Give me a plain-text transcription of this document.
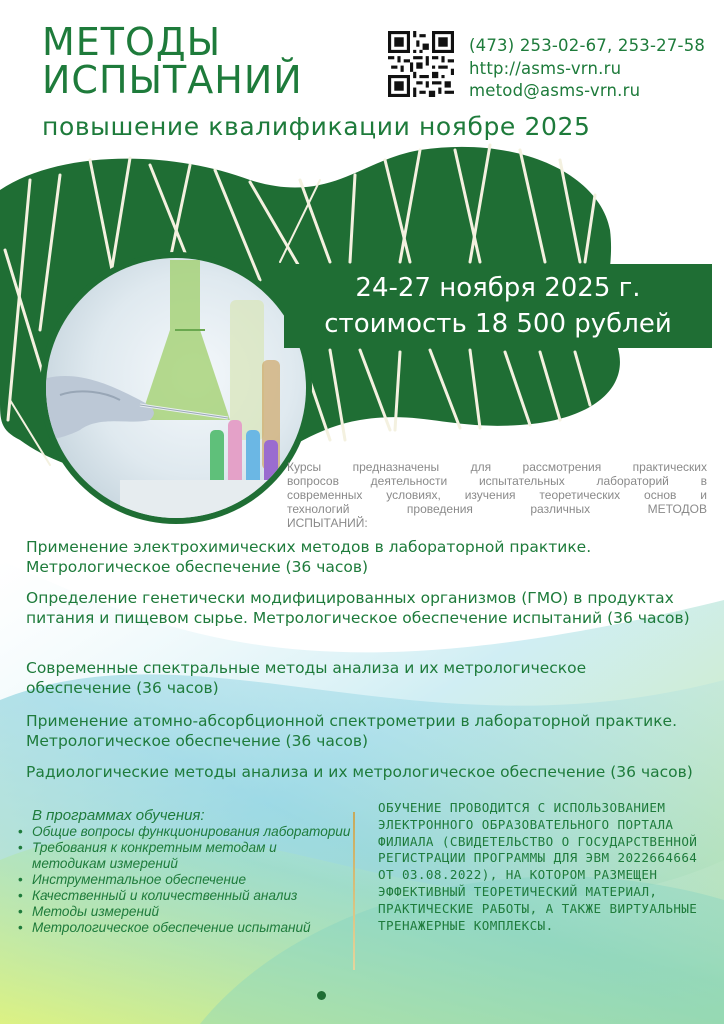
МЕТОДЫ
ИСПЫТАНИЙ
повышение квалификации ноябре 2025
(473) 253-02-67, 253-27-58
http://asms-vrn.ru
metod@asms-vrn.ru
24-27 ноября 2025 г.
стоимость 18 500 рублей
Курсы предназначены для рассмотрения практических
вопросов деятельности испытательных лабораторий в
современных условиях, изучения теоретических основ и
технологий проведения различных МЕТОДОВ
ИСПЫТАНИЙ:
Применение электрохимических методов в лабораторной практике. Метрологическое обеспечение (36 часов)
Определение генетически модифицированных организмов (ГМО) в продуктах питания и пищевом сырье. Метрологическое обеспечение испытаний (36 часов)
Современные спектральные методы анализа и их метрологическое обеспечение (36 часов)
Применение атомно-абсорбционной спектрометрии в лабораторной практике. Метрологическое обеспечение (36 часов)
Радиологические методы анализа и их метрологическое обеспечение (36 часов)
В программах обучения:
• Общие вопросы функционирования лаборатории
• Требования к конкретным методам и методикам измерений
• Инструментальное обеспечение
• Качественный и количественный анализ
• Методы измерений
• Метрологическое обеспечение испытаний
ОБУЧЕНИЕ ПРОВОДИТСЯ С ИСПОЛЬЗОВАНИЕМ ЭЛЕКТРОННОГО ОБРАЗОВАТЕЛЬНОГО ПОРТАЛА ФИЛИАЛА (СВИДЕТЕЛЬСТВО О ГОСУДАРСТВЕННОЙ РЕГИСТРАЦИИ ПРОГРАММЫ ДЛЯ ЭВМ 2022664664 ОТ 03.08.2022), НА КОТОРОМ РАЗМЕЩЕН ЭФФЕКТИВНЫЙ ТЕОРЕТИЧЕСКИЙ МАТЕРИАЛ, ПРАКТИЧЕСКИЕ РАБОТЫ, А ТАКЖЕ ВИРТУАЛЬНЫЕ ТРЕНАЖЕРНЫЕ КОМПЛЕКСЫ.
